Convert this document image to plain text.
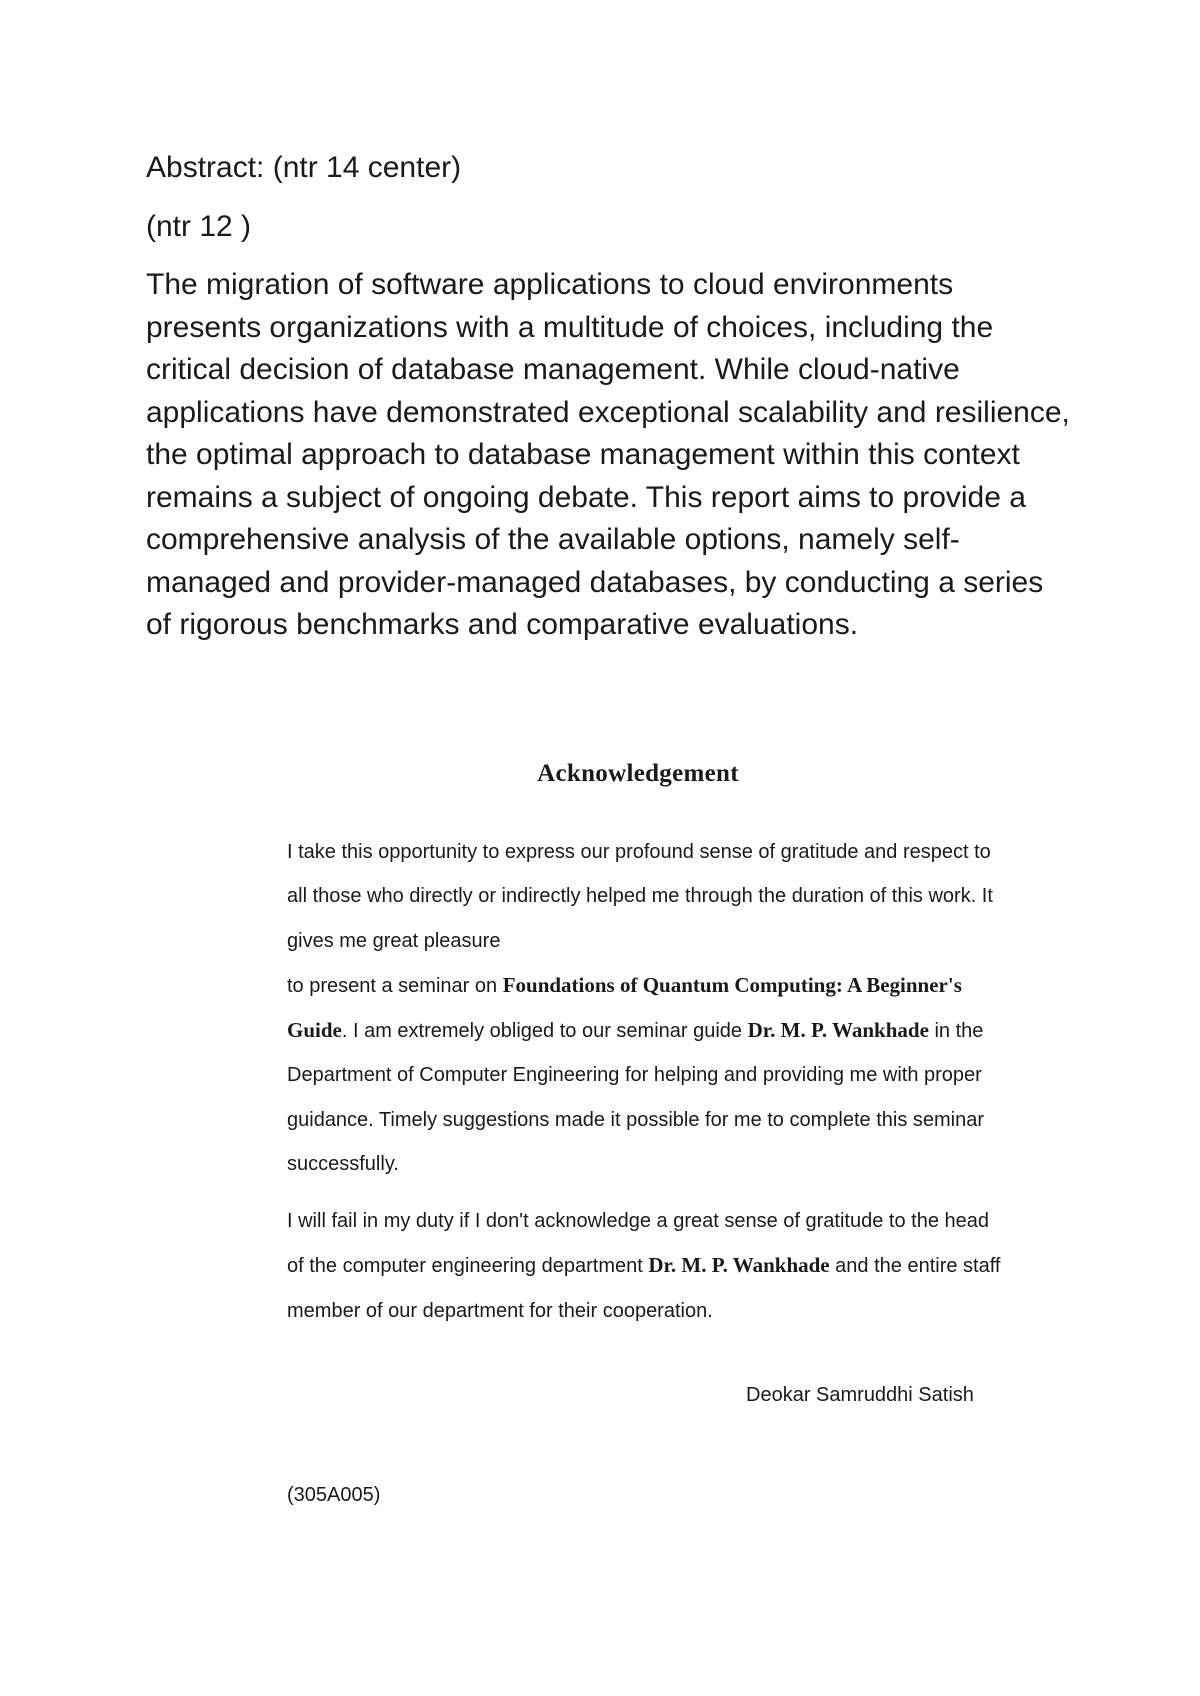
Abstract: (ntr 14 center)

(ntr 12 )

The migration of software applications to cloud environments presents organizations with a multitude of choices, including the critical decision of database management. While cloud-native applications have demonstrated exceptional scalability and resilience, the optimal approach to database management within this context remains a subject of ongoing debate. This report aims to provide a comprehensive analysis of the available options, namely self-managed and provider-managed databases, by conducting a series of rigorous benchmarks and comparative evaluations.

Acknowledgement

I take this opportunity to express our profound sense of gratitude and respect to all those who directly or indirectly helped me through the duration of this work. It gives me great pleasure
to present a seminar on Foundations of Quantum Computing: A Beginner's Guide. I am extremely obliged to our seminar guide Dr. M. P. Wankhade in the Department of Computer Engineering for helping and providing me with proper guidance. Timely suggestions made it possible for me to complete this seminar successfully.

I will fail in my duty if I don't acknowledge a great sense of gratitude to the head of the computer engineering department Dr. M. P. Wankhade and the entire staff member of our department for their cooperation.

Deokar Samruddhi Satish

(305A005)
